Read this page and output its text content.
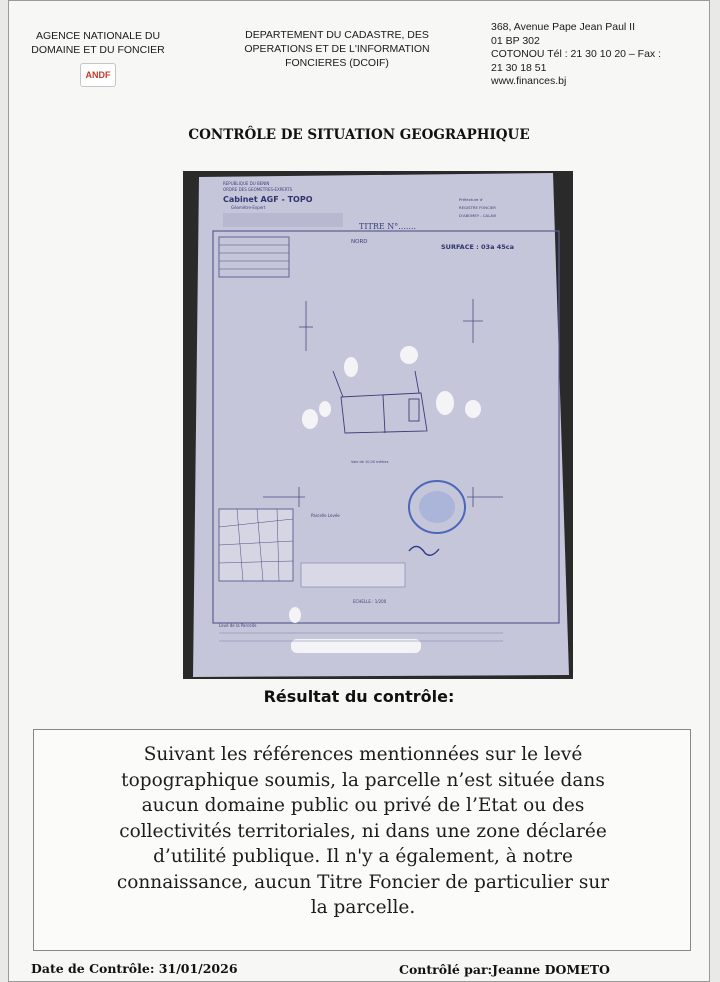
AGENCE NATIONALE DU
DOMAINE ET DU FONCIER
ANDF
DEPARTEMENT DU CADASTRE, DES
OPERATIONS ET DE L'INFORMATION
FONCIERES (DCOIF)
368, Avenue Pape Jean Paul II
01 BP 302
COTONOU Tél : 21 30 10 20 – Fax :
21 30 18 51
www.finances.bj
CONTRÔLE DE SITUATION GEOGRAPHIQUE
REPUBLIQUE DU BENIN
ORDRE DES GEOMETRES-EXPERTS
Cabinet AGF - TOPO
Géomètre-Expert
TITRE N°.......
NORD
SURFACE : 03a 45ca
Préfecture d'
REGISTRE FONCIER
D'ABOMEY - CALAVI
Voie de 10,00 mètres
Parcelle Levée
ECHELLE : 1/200
Levé de la Parcelle
Résultat du contrôle:
Suivant les références mentionnées sur le levé
topographique soumis, la parcelle n’est située dans
aucun domaine public ou privé de l’Etat ou des
collectivités territoriales, ni dans une zone déclarée
d’utilité publique. Il n'y a également, à notre
connaissance, aucun Titre Foncier de particulier sur
la parcelle.
Date de Contrôle: 31/01/2026	Contrôlé par:Jeanne DOMETO
